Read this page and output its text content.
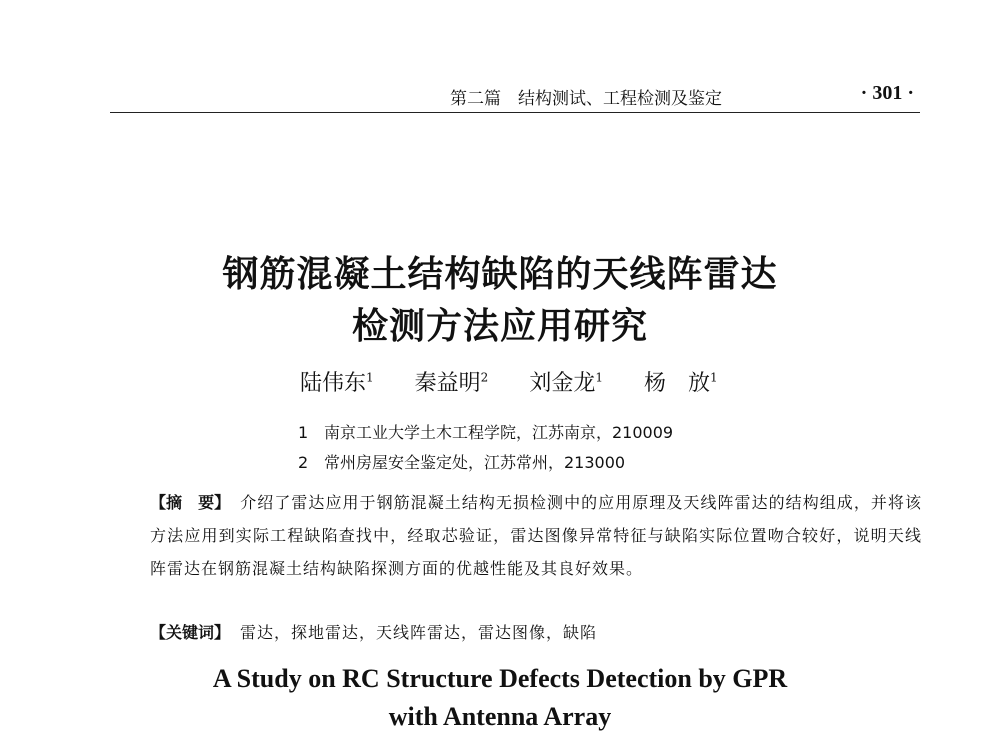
第二篇　结构测试、工程检测及鉴定	· 301 ·
钢筋混凝土结构缺陷的天线阵雷达
检测方法应用研究
陆伟东$^1$ 秦益明$^2$ 刘金龙$^1$ 杨　放$^1$
1 南京工业大学土木工程学院，江苏南京，210009
2 常州房屋安全鉴定处，江苏常州，213000
【摘　要】 介绍了雷达应用于钢筋混凝土结构无损检测中的应用原理及天线阵雷达的结构组成，并将该方法应用到实际工程缺陷查找中，经取芯验证，雷达图像异常特征与缺陷实际位置吻合较好，说明天线阵雷达在钢筋混凝土结构缺陷探测方面的优越性能及其良好效果。
【关键词】 雷达，探地雷达，天线阵雷达，雷达图像，缺陷
A Study on RC Structure Defects Detection by GPR
with Antenna Array
